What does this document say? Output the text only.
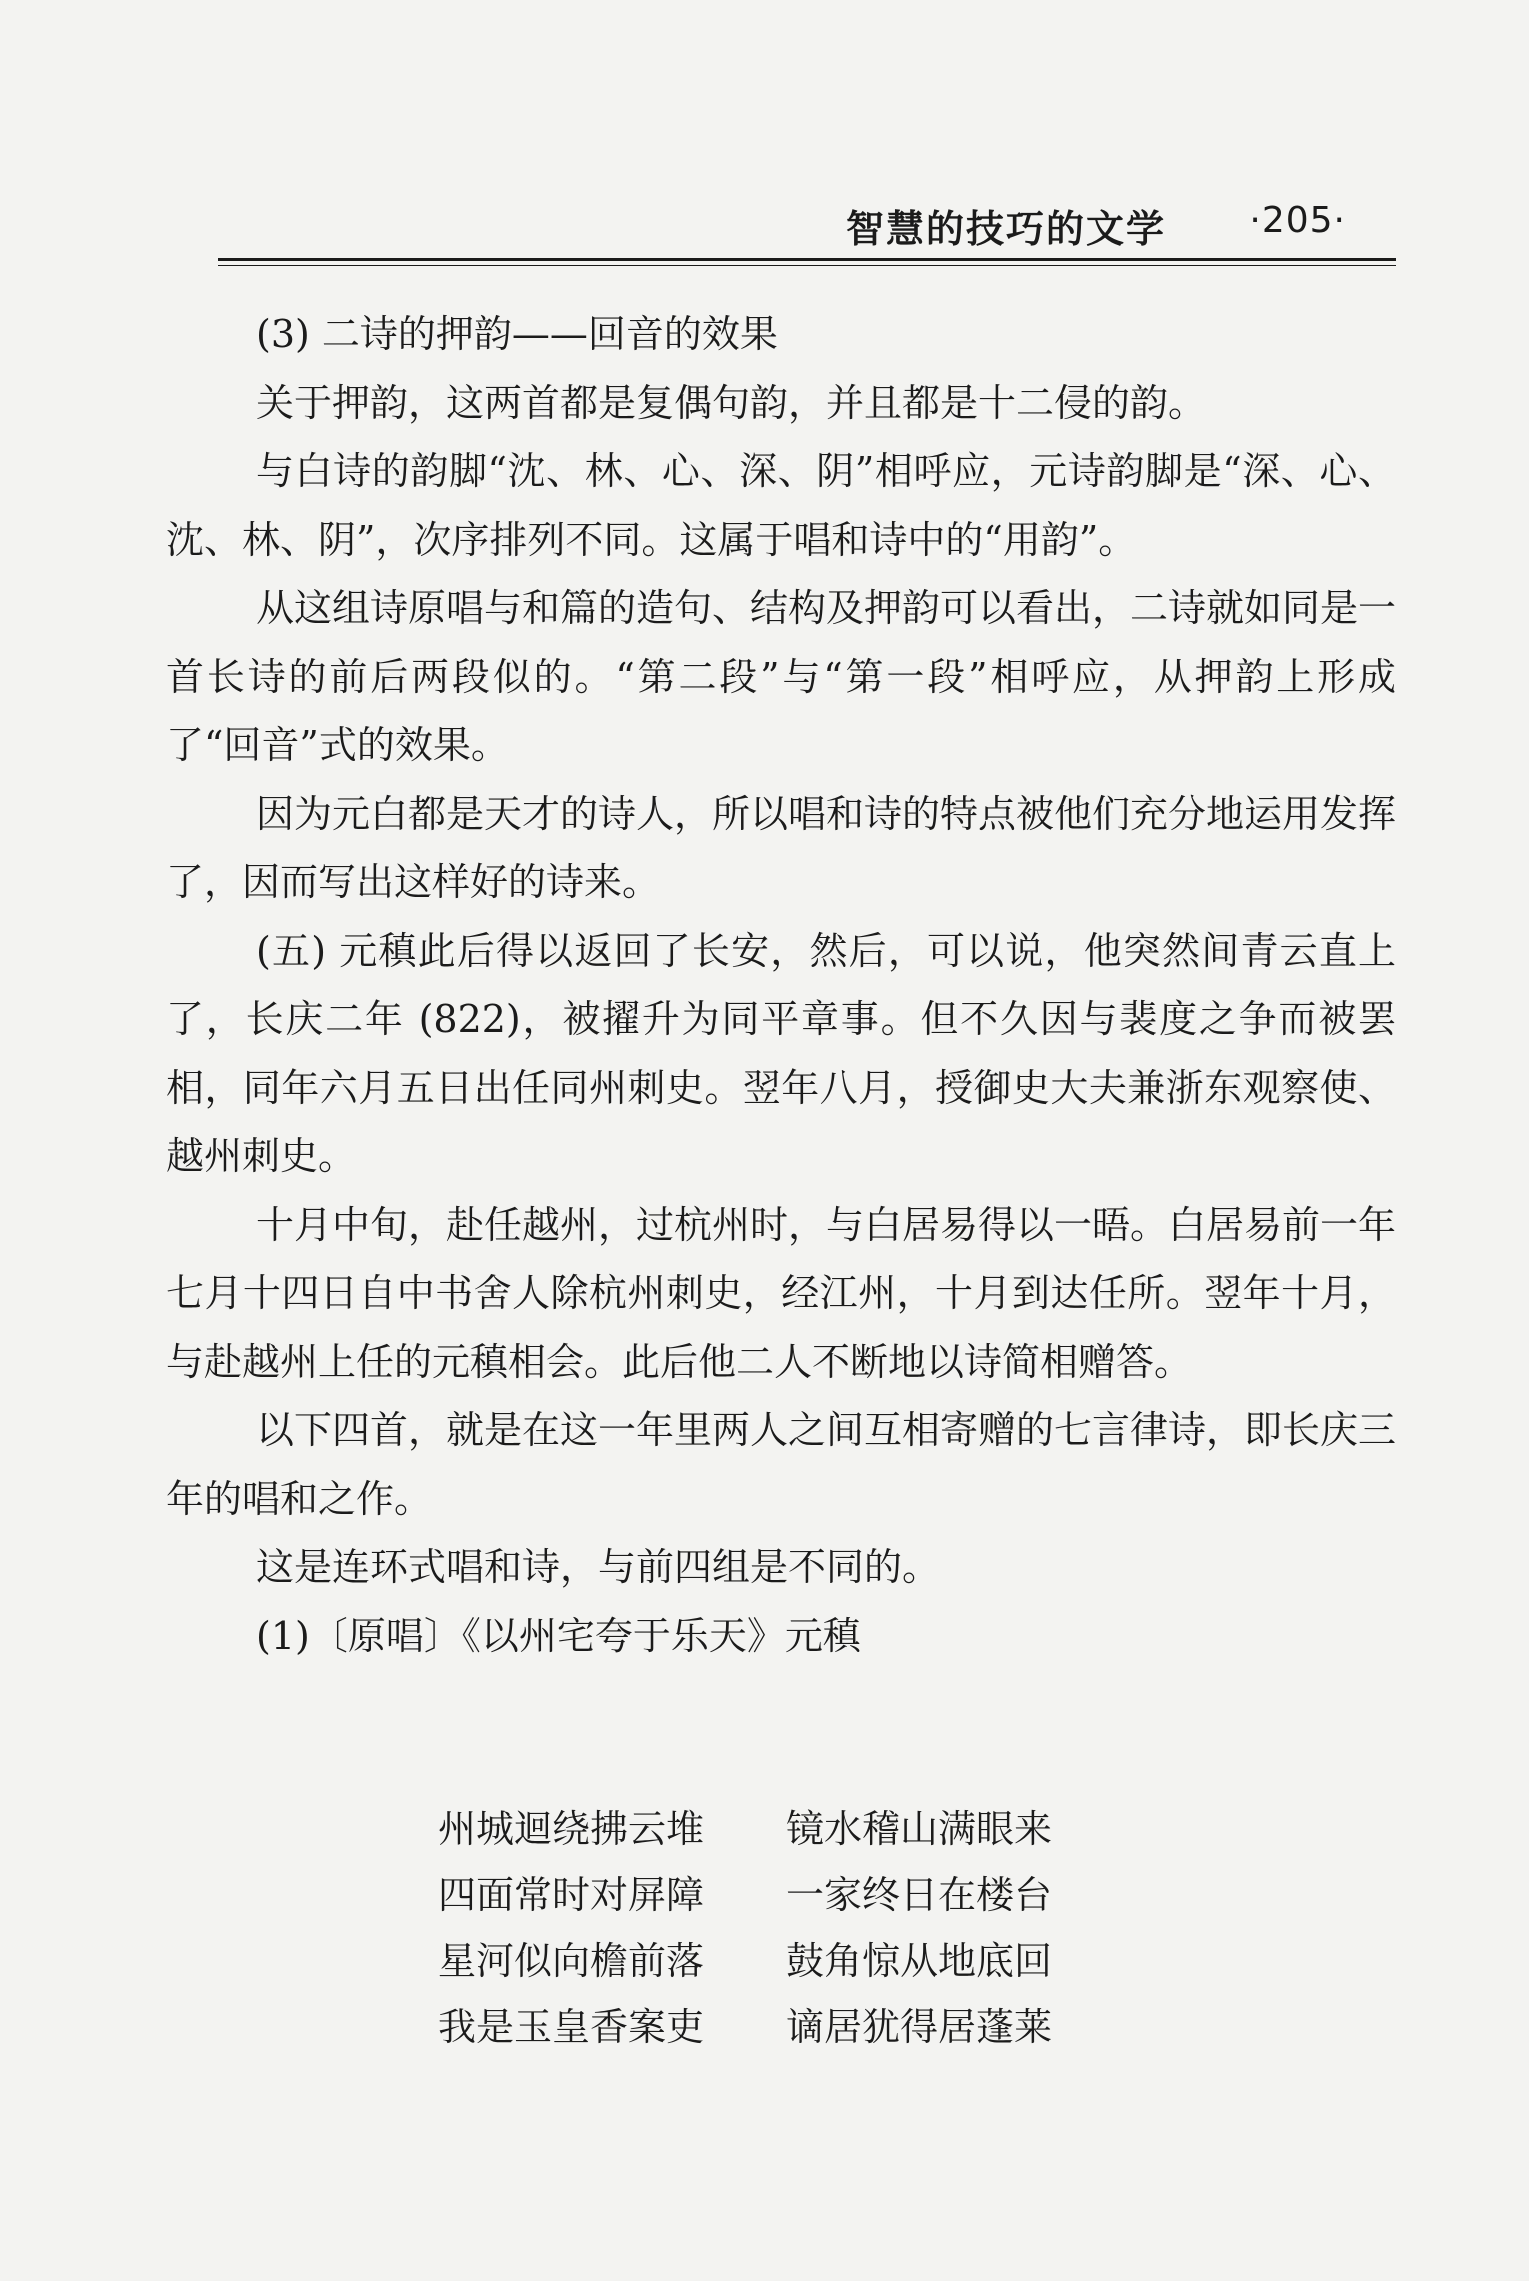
智慧的技巧的文学 ·205·

(3) 二诗的押韵——回音的效果

关于押韵，这两首都是复偶句韵，并且都是十二侵的韵。

与白诗的韵脚“沈、林、心、深、阴”相呼应，元诗韵脚是“深、心、沈、林、阴”，次序排列不同。这属于唱和诗中的“用韵”。

从这组诗原唱与和篇的造句、结构及押韵可以看出，二诗就如同是一首长诗的前后两段似的。“第二段”与“第一段”相呼应，从押韵上形成了“回音”式的效果。

因为元白都是天才的诗人，所以唱和诗的特点被他们充分地运用发挥了，因而写出这样好的诗来。

(五) 元稹此后得以返回了长安，然后，可以说，他突然间青云直上了，长庆二年 (822)，被擢升为同平章事。但不久因与裴度之争而被罢相，同年六月五日出任同州刺史。翌年八月，授御史大夫兼浙东观察使、越州刺史。

十月中旬，赴任越州，过杭州时，与白居易得以一晤。白居易前一年七月十四日自中书舍人除杭州刺史，经江州，十月到达任所。翌年十月，与赴越州上任的元稹相会。此后他二人不断地以诗简相赠答。

以下四首，就是在这一年里两人之间互相寄赠的七言律诗，即长庆三年的唱和之作。

这是连环式唱和诗，与前四组是不同的。

(1)〔原唱〕《以州宅夸于乐天》元稹

州城迴绕拂云堆	镜水稽山满眼来
四面常时对屏障	一家终日在楼台
星河似向檐前落	鼓角惊从地底回
我是玉皇香案吏	谪居犹得居蓬莱
